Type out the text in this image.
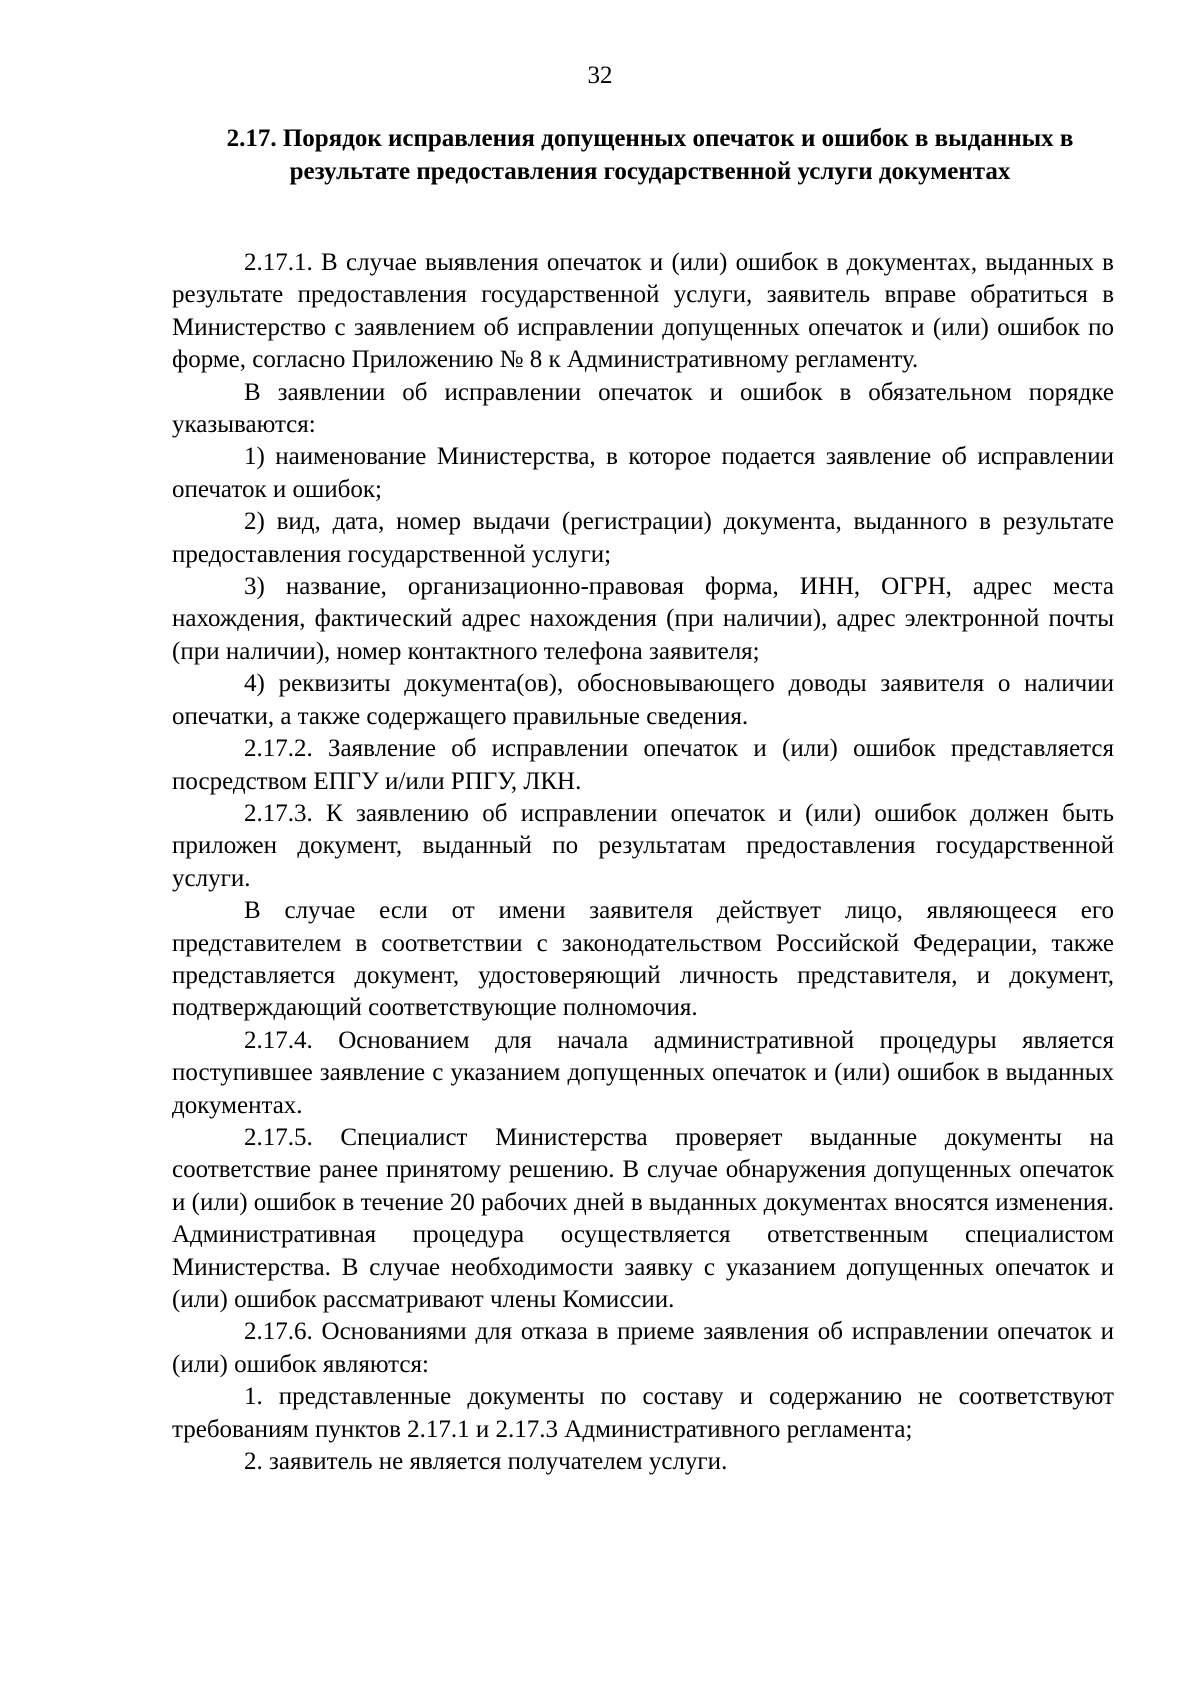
32
2.17. Порядок исправления допущенных опечаток и ошибок в выданных в результате предоставления государственной услуги документах

2.17.1. В случае выявления опечаток и (или) ошибок в документах, выданных в результате предоставления государственной услуги, заявитель вправе обратиться в Министерство с заявлением об исправлении допущенных опечаток и (или) ошибок по форме, согласно Приложению № 8 к Административному регламенту.

В заявлении об исправлении опечаток и ошибок в обязательном порядке указываются:

1) наименование Министерства, в которое подается заявление об исправлении опечаток и ошибок;

2) вид, дата, номер выдачи (регистрации) документа, выданного в результате предоставления государственной услуги;

3) название, организационно-правовая форма, ИНН, ОГРН, адрес места нахождения, фактический адрес нахождения (при наличии), адрес электронной почты (при наличии), номер контактного телефона заявителя;

4) реквизиты документа(ов), обосновывающего доводы заявителя о наличии опечатки, а также содержащего правильные сведения.

2.17.2. Заявление об исправлении опечаток и (или) ошибок представляется посредством ЕПГУ и/или РПГУ, ЛКН.

2.17.3. К заявлению об исправлении опечаток и (или) ошибок должен быть приложен документ, выданный по результатам предоставления государственной услуги.

В случае если от имени заявителя действует лицо, являющееся его представителем в соответствии с законодательством Российской Федерации, также представляется документ, удостоверяющий личность представителя, и документ, подтверждающий соответствующие полномочия.

2.17.4. Основанием для начала административной процедуры является поступившее заявление с указанием допущенных опечаток и (или) ошибок в выданных документах.

2.17.5. Специалист Министерства проверяет выданные документы на соответствие ранее принятому решению. В случае обнаружения допущенных опечаток и (или) ошибок в течение 20 рабочих дней в выданных документах вносятся изменения. Административная процедура осуществляется ответственным специалистом Министерства. В случае необходимости заявку с указанием допущенных опечаток и (или) ошибок рассматривают члены Комиссии.

2.17.6. Основаниями для отказа в приеме заявления об исправлении опечаток и (или) ошибок являются:

1. представленные документы по составу и содержанию не соответствуют требованиям пунктов 2.17.1 и 2.17.3 Административного регламента;

2. заявитель не является получателем услуги.
